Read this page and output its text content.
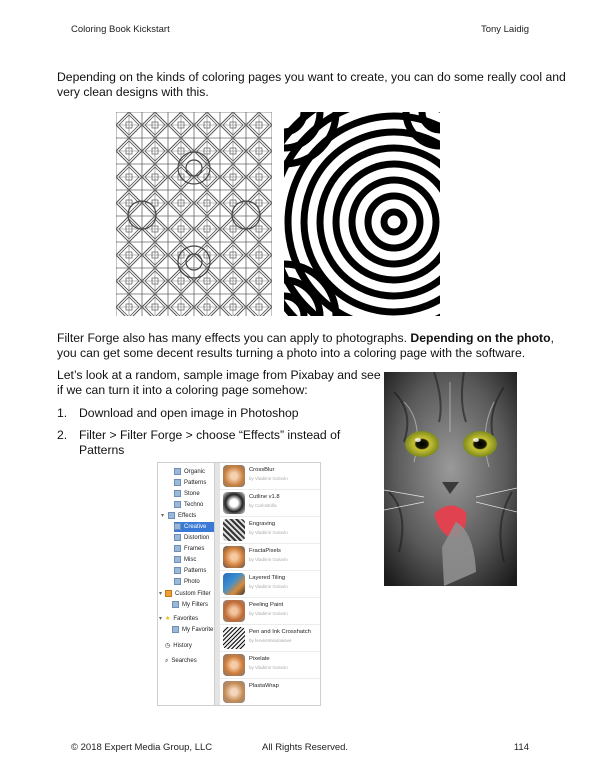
Coloring Book Kickstart	Tony Laidig

Depending on the kinds of coloring pages you want to create, you can do some really cool and
very clean designs with this.

Filter Forge also has many effects you can apply to photographs. Depending on the photo,
you can get some decent results turning a photo into a coloring page with the software.

Let’s look at a random, sample image from Pixabay and see
if we can turn it into a coloring page somehow:

1. Download and open image in Photoshop
2. Filter > Filter Forge > choose “Effects” instead of Patterns
Organic
Patterns
Stone
Techno
▾	Effects
Creative
Distortion
Frames
Misc
Patterns
Photo
▾	Custom Filter
My Filters
▾ ★ Favorites
My Favorite
◷ History
⌕ Searches
CrossBlur
by Vladimir Golovin
Cutline v1.8
by CarlosKilla
Engraving
by Vladimir Golovin
FractaPixels
by Vladimir Golovin
Layered Tiling
by Vladimir Golovin
Peeling Paint
by Vladimir Golovin
Pen and Ink Crosshatch
by ferventmindowave
Pixelate
by Vladimir Golovin
PlastaWrap
© 2018 Expert Media Group, LLC	All Rights Reserved.	114
